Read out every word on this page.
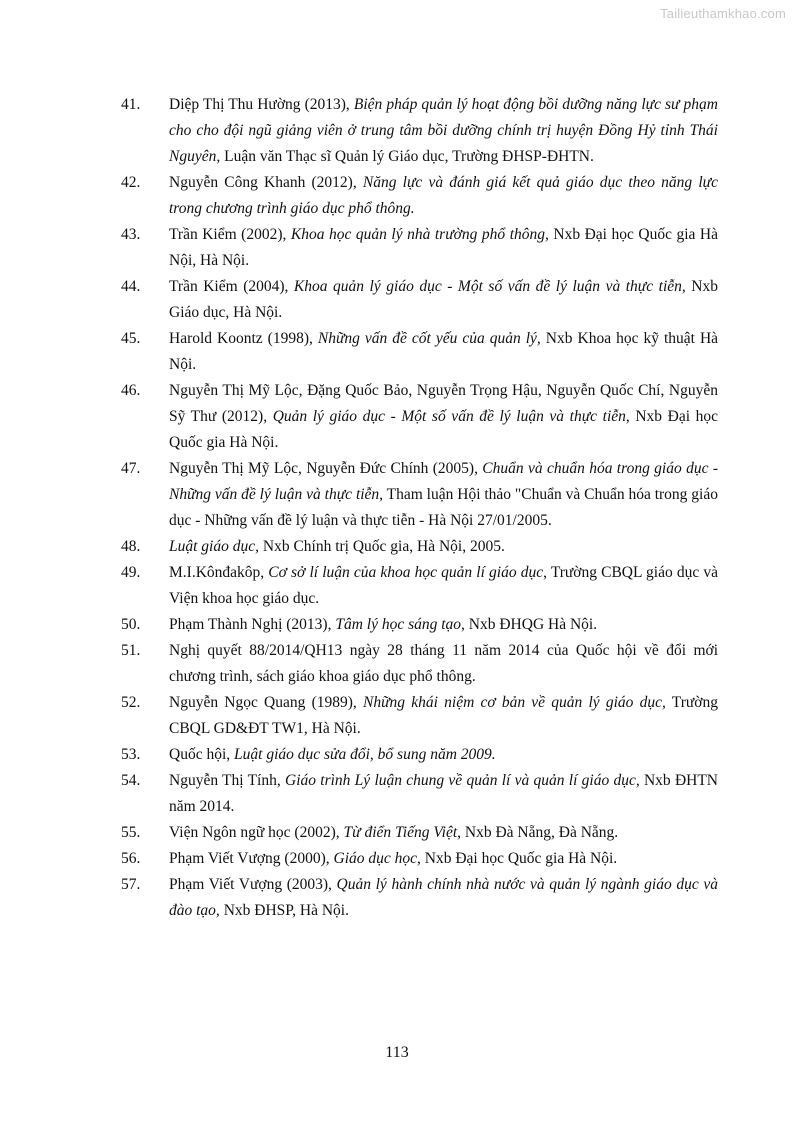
Tailieuthamkhao.com
41.	Diệp Thị Thu Hường (2013), Biện pháp quản lý hoạt động bồi dưỡng năng lực sư phạm cho cho đội ngũ giảng viên ở trung tâm bồi dưỡng chính trị huyện Đồng Hỷ tỉnh Thái Nguyên, Luận văn Thạc sĩ Quản lý Giáo dục, Trường ĐHSP-ĐHTN.
42.	Nguyễn Công Khanh (2012), Năng lực và đánh giá kết quả giáo dục theo năng lực trong chương trình giáo dục phổ thông.
43.	Trần Kiểm (2002), Khoa học quản lý nhà trường phổ thông, Nxb Đại học Quốc gia Hà Nội, Hà Nội.
44.	Trần Kiểm (2004), Khoa quản lý giáo dục - Một số vấn đề lý luận và thực tiễn, Nxb Giáo dục, Hà Nội.
45.	Harold Koontz (1998), Những vấn đề cốt yếu của quản lý, Nxb Khoa học kỹ thuật Hà Nội.
46.	Nguyễn Thị Mỹ Lộc, Đặng Quốc Bảo, Nguyễn Trọng Hậu, Nguyễn Quốc Chí, Nguyễn Sỹ Thư (2012), Quản lý giáo dục - Một số vấn đề lý luận và thực tiễn, Nxb Đại học Quốc gia Hà Nội.
47.	Nguyễn Thị Mỹ Lộc, Nguyễn Đức Chính (2005), Chuẩn và chuẩn hóa trong giáo dục - Những vấn đề lý luận và thực tiễn, Tham luận Hội thảo "Chuẩn và Chuẩn hóa trong giáo dục - Những vấn đề lý luận và thực tiễn - Hà Nội 27/01/2005.
48.	Luật giáo dục, Nxb Chính trị Quốc gia, Hà Nội, 2005.
49.	M.I.Kônđakôp, Cơ sở lí luận của khoa học quản lí giáo dục, Trường CBQL giáo dục và Viện khoa học giáo dục.
50.	Phạm Thành Nghị (2013), Tâm lý học sáng tạo, Nxb ĐHQG Hà Nội.
51.	Nghị quyết 88/2014/QH13 ngày 28 tháng 11 năm 2014 của Quốc hội về đổi mới chương trình, sách giáo khoa giáo dục phổ thông.
52.	Nguyễn Ngọc Quang (1989), Những khái niệm cơ bản về quản lý giáo dục, Trường CBQL GD&ĐT TW1, Hà Nội.
53.	Quốc hội, Luật giáo dục sửa đổi, bổ sung năm 2009.
54.	Nguyễn Thị Tính, Giáo trình Lý luận chung về quản lí và quản lí giáo dục, Nxb ĐHTN năm 2014.
55.	Viện Ngôn ngữ học (2002), Từ điển Tiếng Việt, Nxb Đà Nẵng, Đà Nẵng.
56.	Phạm Viết Vượng (2000), Giáo dục học, Nxb Đại học Quốc gia Hà Nội.
57.	Phạm Viết Vượng (2003), Quản lý hành chính nhà nước và quản lý ngành giáo dục và đào tạo, Nxb ĐHSP, Hà Nội.
113
